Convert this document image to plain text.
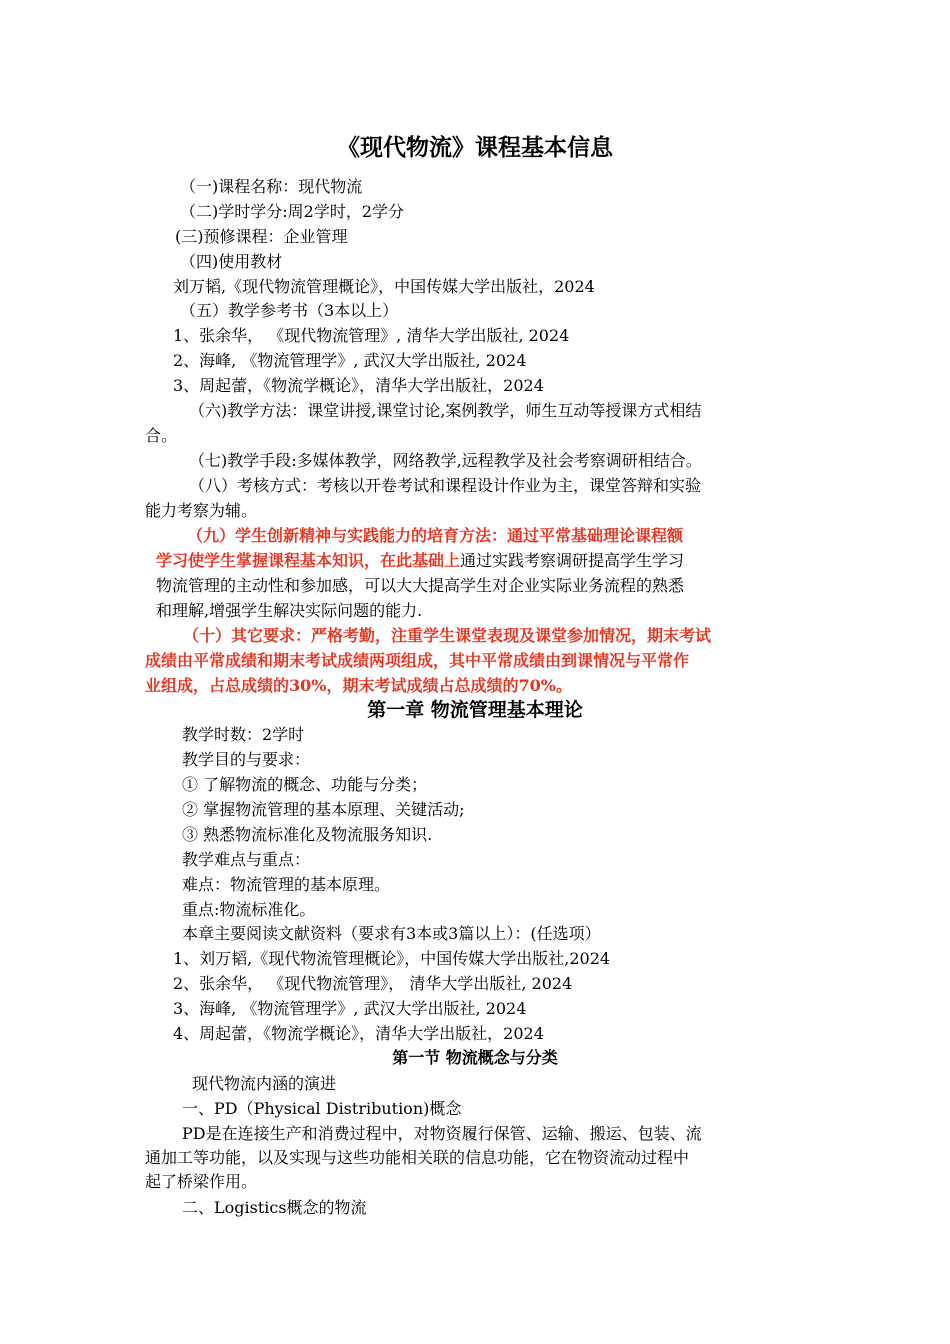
《现代物流》课程基本信息
（一)课程名称：现代物流
（二)学时学分:周2学时，2学分
(三)预修课程：企业管理
（四)使用教材
刘万韬,《现代物流管理概论》，中国传媒大学出版社，2024
（五）教学参考书（3本以上）
1、张余华， 《现代物流管理》, 清华大学出版社, 2024
2、海峰, 《物流管理学》, 武汉大学出版社, 2024
3、周起蕾，《物流学概论》，清华大学出版社，2024
（六)教学方法：课堂讲授,课堂讨论,案例教学，师生互动等授课方式相结
合。
（七)教学手段:多媒体教学，网络教学,远程教学及社会考察调研相结合。
（八）考核方式：考核以开卷考试和课程设计作业为主，课堂答辩和实验
能力考察为辅。
（九）学生创新精神与实践能力的培育方法：通过平常基础理论课程额
学习使学生掌握课程基本知识，在此基础上通过实践考察调研提高学生学习
物流管理的主动性和参加感，可以大大提高学生对企业实际业务流程的熟悉
和理解,增强学生解决实际问题的能力.
（十）其它要求：严格考勤，注重学生课堂表现及课堂参加情况，期末考试
成绩由平常成绩和期末考试成绩两项组成，其中平常成绩由到课情况与平常作
业组成，占总成绩的30%，期末考试成绩占总成绩的70%。
第一章 物流管理基本理论
教学时数：2学时
教学目的与要求：
① 了解物流的概念、功能与分类；
② 掌握物流管理的基本原理、关键活动;
③ 熟悉物流标准化及物流服务知识.
教学难点与重点：
难点：物流管理的基本原理。
重点:物流标准化。
本章主要阅读文献资料（要求有3本或3篇以上）：(任选项）
1、刘万韬,《现代物流管理概论》，中国传媒大学出版社,2024
2、张余华， 《现代物流管理》， 清华大学出版社, 2024
3、海峰, 《物流管理学》, 武汉大学出版社, 2024
4、周起蕾，《物流学概论》，清华大学出版社，2024
第一节 物流概念与分类
现代物流内涵的演进
一、PD（Physical Distribution)概念
PD是在连接生产和消费过程中，对物资履行保管、运输、搬运、包装、流
通加工等功能，以及实现与这些功能相关联的信息功能，它在物资流动过程中
起了桥梁作用。
二、Logistics概念的物流
